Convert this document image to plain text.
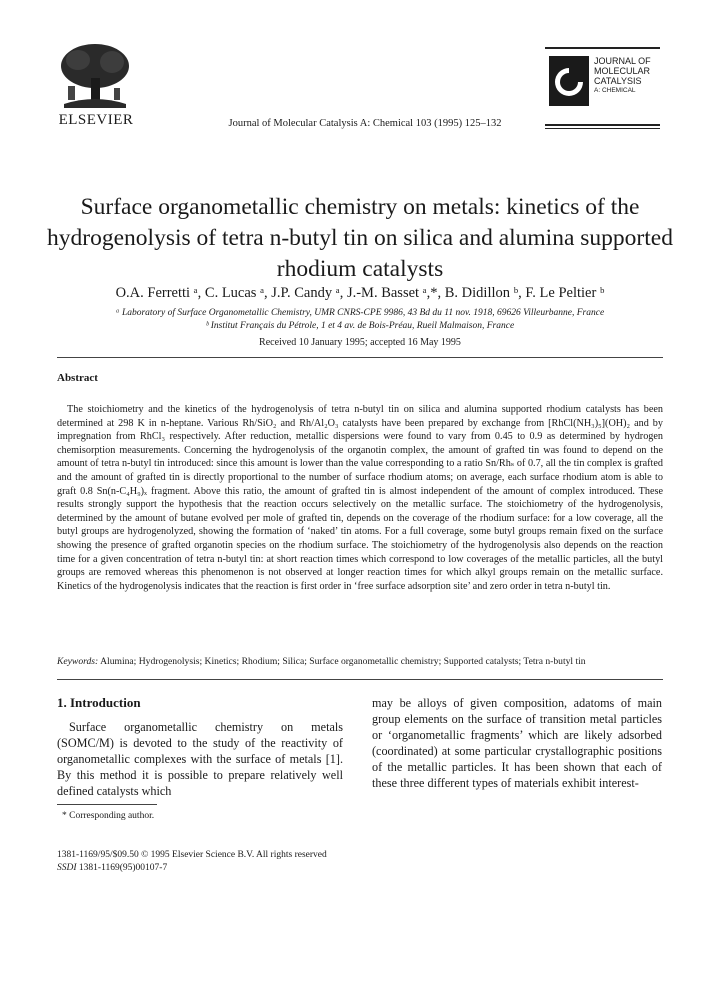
ELSEVIER	Journal of Molecular Catalysis A: Chemical 103 (1995) 125–132
JOURNAL OF
MOLECULAR
CATALYSIS
A: CHEMICAL
Surface organometallic chemistry on metals: kinetics of the hydrogenolysis of tetra n-butyl tin on silica and alumina supported rhodium catalysts
O.A. Ferretti ᵃ, C. Lucas ᵃ, J.P. Candy ᵃ, J.-M. Basset ᵃ,*, B. Didillon ᵇ, F. Le Peltier ᵇ
ᵃ Laboratory of Surface Organometallic Chemistry, UMR CNRS-CPE 9986, 43 Bd du 11 nov. 1918, 69626 Villeurbanne, France
ᵇ Institut Français du Pétrole, 1 et 4 av. de Bois-Préau, Rueil Malmaison, France
Received 10 January 1995; accepted 16 May 1995
Abstract
The stoichiometry and the kinetics of the hydrogenolysis of tetra n-butyl tin on silica and alumina supported rhodium catalysts has been determined at 298 K in n-heptane. Various Rh/SiO₂ and Rh/Al₂O₃ catalysts have been prepared by exchange from [RhCl(NH₃)₅](OH)₂ and by impregnation from RhCl₃ respectively. After reduction, metallic dispersions were found to vary from 0.45 to 0.9 as determined by hydrogen chemisorption measurements. Concerning the hydrogenolysis of the organotin complex, the amount of grafted tin was found to depend on the amount of tetra n-butyl tin introduced: since this amount is lower than the value corresponding to a ratio Sn/Rhₛ of 0.7, all the tin complex is grafted and the amount of grafted tin is directly proportional to the number of surface rhodium atoms; on average, each surface rhodium atom is able to graft 0.8 Sn(n-C₄H₉)ₓ fragment. Above this ratio, the amount of grafted tin is almost independent of the amount of complex introduced. These results strongly support the hypothesis that the reaction occurs selectively on the metallic surface. The stoichiometry of the hydrogenolysis, determined by the amount of butane evolved per mole of grafted tin, depends on the coverage of the rhodium surface: for a low coverage, all the butyl groups are hydrogenolyzed, showing the formation of ‘naked’ tin atoms. For a full coverage, some butyl groups remain fixed on the surface showing the presence of grafted organotin species on the rhodium surface. The stoichiometry of the hydrogenolysis also depends on the reaction time for a given concentration of tetra n-butyl tin: at short reaction times which correspond to low coverages of the metallic particles, all the butyl groups are removed whereas this phenomenon is not observed at longer reaction times for which alkyl groups remain on the metallic surface. Kinetics of the hydrogenolysis indicates that the reaction is first order in ‘free surface adsorption site’ and zero order in tetra n-butyl tin.
Keywords: Alumina; Hydrogenolysis; Kinetics; Rhodium; Silica; Surface organometallic chemistry; Supported catalysts; Tetra n-butyl tin
1. Introduction
Surface organometallic chemistry on metals (SOMC/M) is devoted to the study of the reactivity of organometallic complexes with the surface of metals [1]. By this method it is possible to prepare relatively well defined catalysts which
may be alloys of given composition, adatoms of main group elements on the surface of transition metal particles or ‘organometallic fragments’ which are likely adsorbed (coordinated) at some particular crystallographic positions of the metallic particles. It has been shown that each of these three different types of materials exhibit interest-
* Corresponding author.
1381-1169/95/$09.50 © 1995 Elsevier Science B.V. All rights reserved
SSDI 1381-1169(95)00107-7
